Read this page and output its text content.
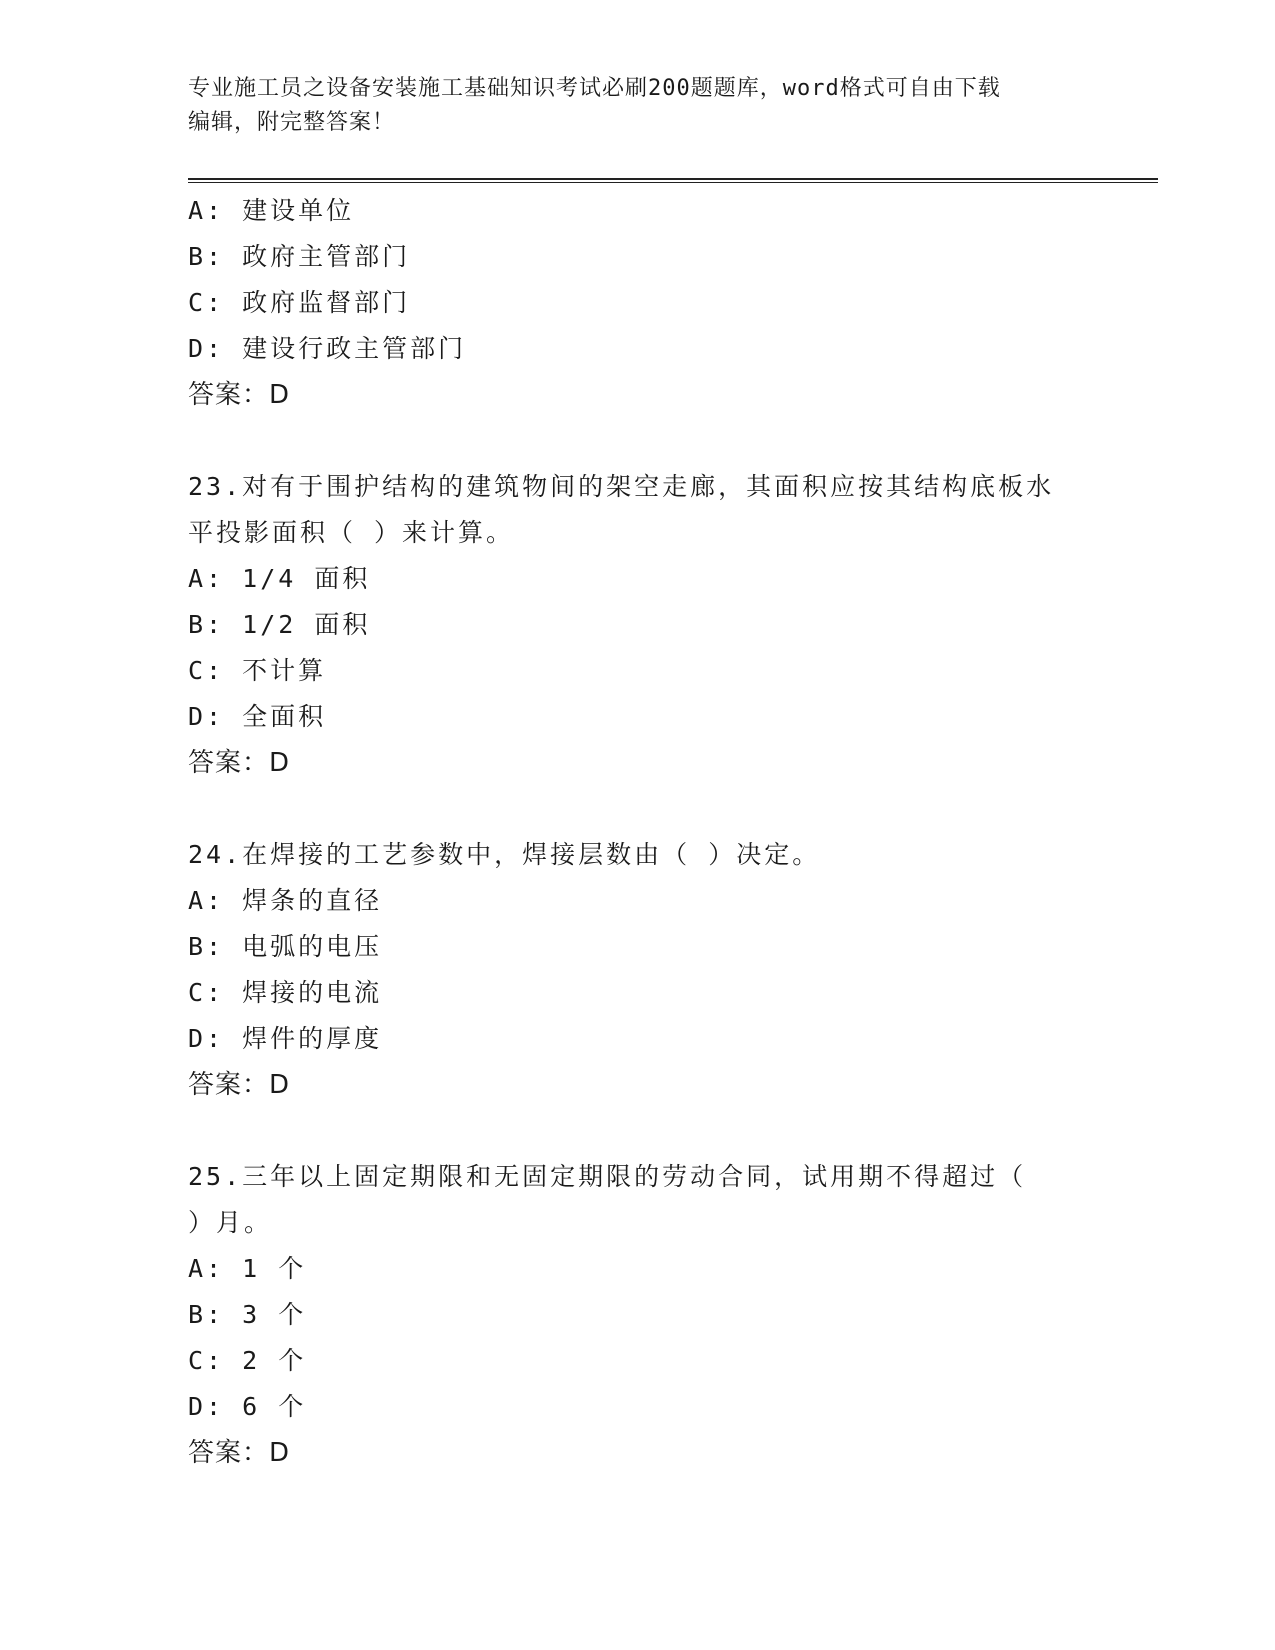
专业施工员之设备安装施工基础知识考试必刷200题题库，word格式可自由下载
编辑，附完整答案！
A: 建设单位
B: 政府主管部门
C: 政府监督部门
D: 建设行政主管部门
答案：D
23.对有于围护结构的建筑物间的架空走廊，其面积应按其结构底板水
平投影面积（ ）来计算。
A: 1/4 面积
B: 1/2 面积
C: 不计算
D: 全面积
答案：D
24.在焊接的工艺参数中，焊接层数由（ ）决定。
A: 焊条的直径
B: 电弧的电压
C: 焊接的电流
D: 焊件的厚度
答案：D
25.三年以上固定期限和无固定期限的劳动合同，试用期不得超过（
）月。
A: 1 个
B: 3 个
C: 2 个
D: 6 个
答案：D
